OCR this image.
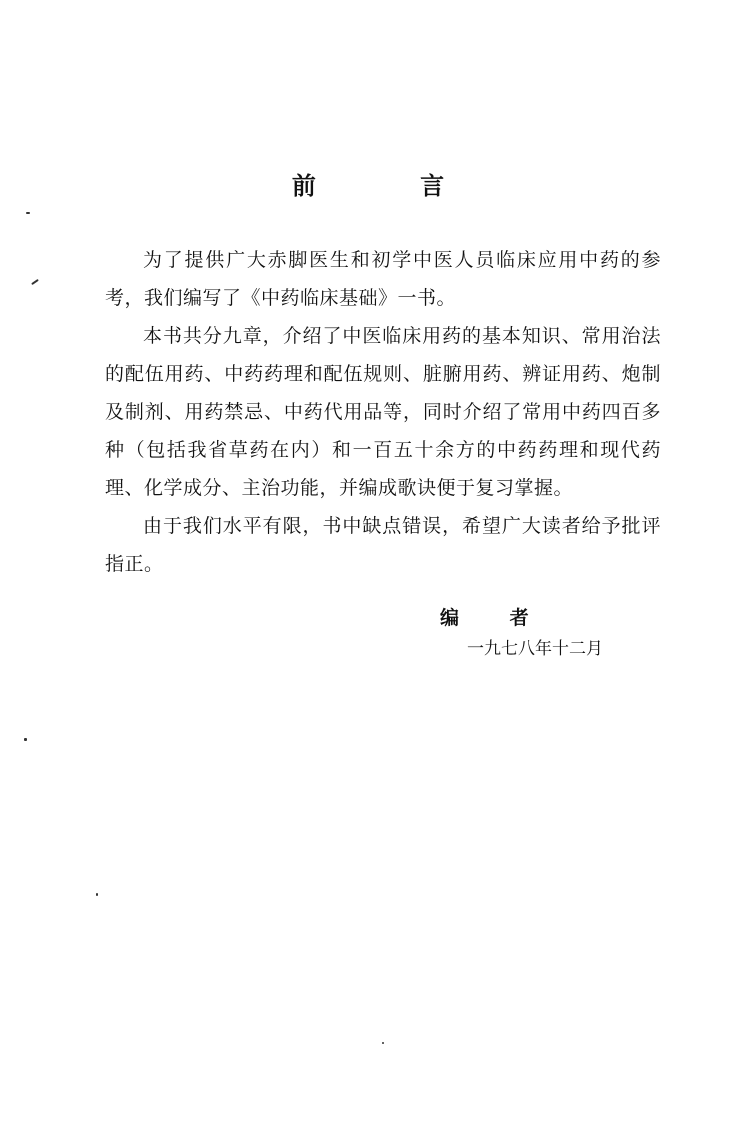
前 言

为了提供广大赤脚医生和初学中医人员临床应用中药的参考，我们编写了《中药临床基础》一书。

本书共分九章，介绍了中医临床用药的基本知识、常用治法的配伍用药、中药药理和配伍规则、脏腑用药、辨证用药、炮制及制剂、用药禁忌、中药代用品等，同时介绍了常用中药四百多种（包括我省草药在内）和一百五十余方的中药药理和现代药理、化学成分、主治功能，并编成歌诀便于复习掌握。

由于我们水平有限，书中缺点错误，希望广大读者给予批评指正。

编 者
一九七八年十二月
